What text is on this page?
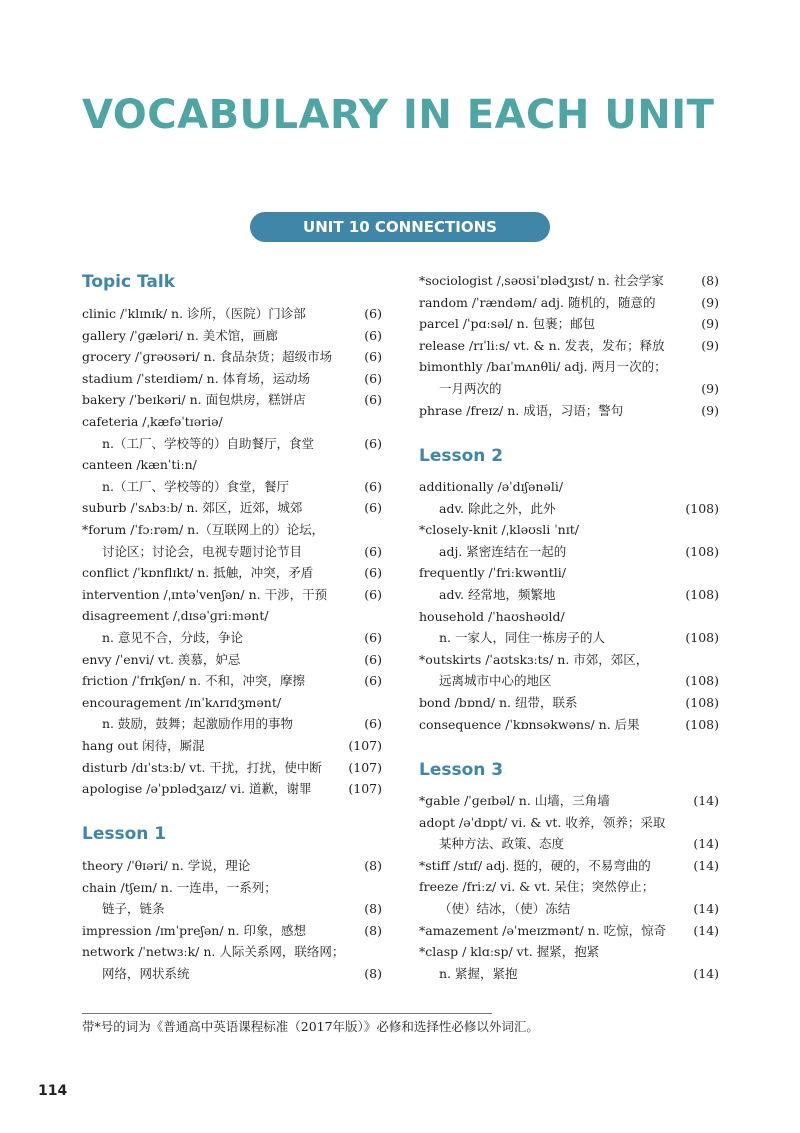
VOCABULARY IN EACH UNIT
UNIT 10 CONNECTIONS
Topic Talk
Lesson 1
clinic /ˈklɪnɪk/ n. 诊所，（医院）门诊部	(6)
gallery /ˈɡæləri/ n. 美术馆，画廊	(6)
grocery /ˈɡrəʊsəri/ n. 食品杂货；超级市场	(6)
stadium /ˈsteɪdiəm/ n. 体育场，运动场	(6)
bakery /ˈbeɪkəri/ n. 面包烘房，糕饼店	(6)
cafeteria /ˌkæfəˈtɪəriə/
n.（工厂、学校等的）自助餐厅，食堂	(6)
canteen /kænˈtiːn/
n.（工厂、学校等的）食堂，餐厅	(6)
suburb /ˈsʌbɜːb/ n. 郊区，近郊，城郊	(6)
*forum /ˈfɔːrəm/ n.（互联网上的）论坛，
讨论区；讨论会，电视专题讨论节目	(6)
conflict /ˈkɒnflɪkt/ n. 抵触，冲突，矛盾	(6)
intervention /ˌɪntəˈvenʃən/ n. 干涉，干预	(6)
disagreement /ˌdɪsəˈɡriːmənt/
n. 意见不合，分歧，争论	(6)
envy /ˈenvi/ vt. 羡慕，妒忌	(6)
friction /ˈfrɪkʃən/ n. 不和，冲突，摩擦	(6)
encouragement /ɪnˈkʌrɪdʒmənt/
n. 鼓励，鼓舞；起激励作用的事物	(6)
hang out 闲待，厮混	(107)
disturb /dɪˈstɜːb/ vt. 干扰，打扰，使中断	(107)
apologise /əˈpɒlədʒaɪz/ vi. 道歉，谢罪	(107)
theory /ˈθɪəri/ n. 学说，理论	(8)
chain /tʃeɪn/ n. 一连串，一系列；
链子，链条	(8)
impression /ɪmˈpreʃən/ n. 印象，感想	(8)
network /ˈnetwɜːk/ n. 人际关系网，联络网；
网络，网状系统	(8)
Lesson 2
Lesson 3
*sociologist /ˌsəʊsiˈɒlədʒɪst/ n. 社会学家	(8)
random /ˈrændəm/ adj. 随机的，随意的	(9)
parcel /ˈpɑːsəl/ n. 包裹；邮包	(9)
release /rɪˈliːs/ vt. & n. 发表，发布；释放	(9)
bimonthly /baɪˈmʌnθli/ adj. 两月一次的；
一月两次的	(9)
phrase /freɪz/ n. 成语，习语；警句	(9)
additionally /əˈdɪʃənəli/
adv. 除此之外，此外	(108)
*closely-knit /ˌkləʊsli ˈnɪt/
adj. 紧密连结在一起的	(108)
frequently /ˈfriːkwəntli/
adv. 经常地，频繁地	(108)
household /ˈhaʊshəʊld/
n. 一家人，同住一栋房子的人	(108)
*outskirts /ˈaʊtskɜːts/ n. 市郊，郊区，
远离城市中心的地区	(108)
bond /bɒnd/ n. 纽带，联系	(108)
consequence /ˈkɒnsəkwəns/ n. 后果	(108)
*gable /ˈɡeɪbəl/ n. 山墙，三角墙	(14)
adopt /əˈdɒpt/ vi. & vt. 收养，领养；采取
某种方法、政策、态度	(14)
*stiff /stɪf/ adj. 挺的，硬的，不易弯曲的	(14)
freeze /friːz/ vi. & vt. 呆住；突然停止；
（使）结冰，（使）冻结	(14)
*amazement /əˈmeɪzmənt/ n. 吃惊，惊奇	(14)
*clasp / klɑːsp/ vt. 握紧，抱紧
n. 紧握，紧抱	(14)
带*号的词为《普通高中英语课程标准（2017年版）》必修和选择性必修以外词汇。
114
